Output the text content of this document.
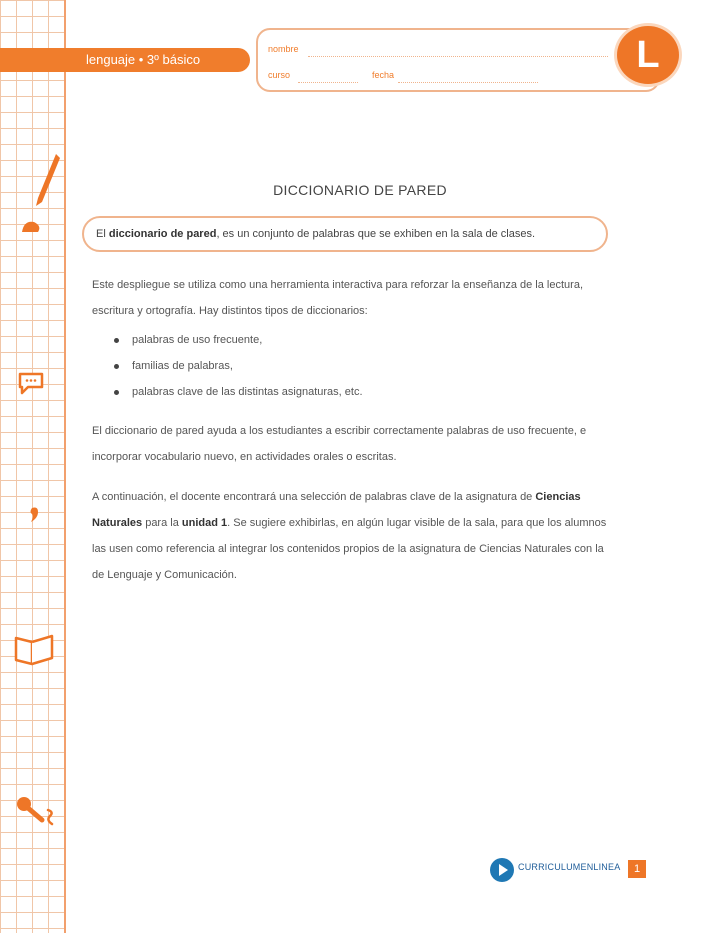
lenguaje • 3º básico
nombre
curso	fecha	L
DICCIONARIO DE PARED
El diccionario de pared, es un conjunto de palabras que se exhiben en la sala de clases.

Este despliegue se utiliza como una herramienta interactiva para reforzar la enseñanza de la lectura, escritura y ortografía. Hay distintos tipos de diccionarios:

palabras de uso frecuente,
familias de palabras,
palabras clave de las distintas asignaturas, etc.

El diccionario de pared ayuda a los estudiantes a escribir correctamente palabras de uso frecuente, e incorporar vocabulario nuevo, en actividades orales o escritas.

A continuación, el docente encontrará una selección de palabras clave de la asignatura de Ciencias Naturales para la unidad 1. Se sugiere exhibirlas, en algún lugar visible de la sala, para que los alumnos las usen como referencia al integrar los contenidos propios de la asignatura de Ciencias Naturales con la de Lenguaje y Comunicación.

CURRICULUMENLINEA	1
